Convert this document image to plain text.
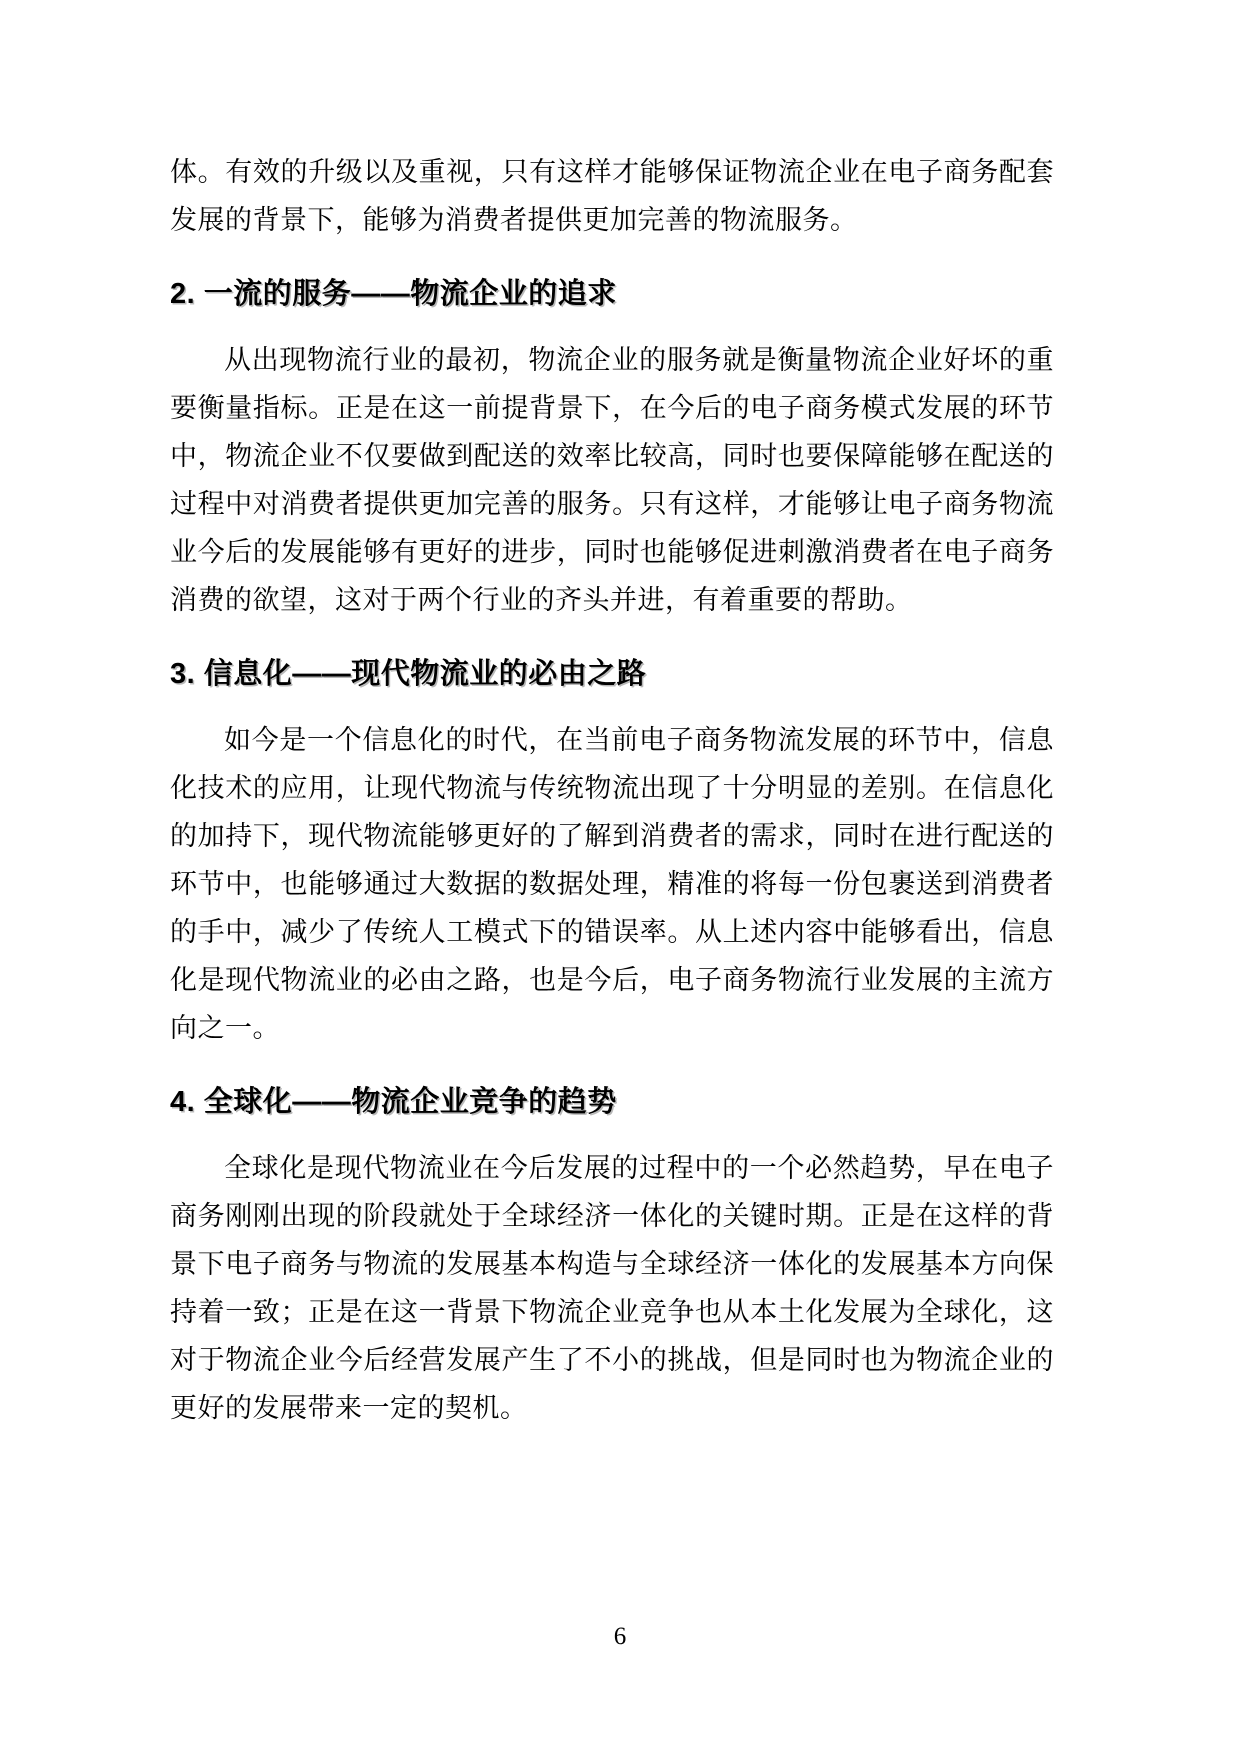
体。有效的升级以及重视，只有这样才能够保证物流企业在电子商务配套发展的背景下，能够为消费者提供更加完善的物流服务。

2. 一流的服务——物流企业的追求

从出现物流行业的最初，物流企业的服务就是衡量物流企业好坏的重要衡量指标。正是在这一前提背景下，在今后的电子商务模式发展的环节中，物流企业不仅要做到配送的效率比较高，同时也要保障能够在配送的过程中对消费者提供更加完善的服务。只有这样，才能够让电子商务物流业今后的发展能够有更好的进步，同时也能够促进刺激消费者在电子商务消费的欲望，这对于两个行业的齐头并进，有着重要的帮助。

3. 信息化——现代物流业的必由之路

如今是一个信息化的时代，在当前电子商务物流发展的环节中，信息化技术的应用，让现代物流与传统物流出现了十分明显的差别。在信息化的加持下，现代物流能够更好的了解到消费者的需求，同时在进行配送的环节中，也能够通过大数据的数据处理，精准的将每一份包裹送到消费者的手中，减少了传统人工模式下的错误率。从上述内容中能够看出，信息化是现代物流业的必由之路，也是今后，电子商务物流行业发展的主流方向之一。

4. 全球化——物流企业竞争的趋势

全球化是现代物流业在今后发展的过程中的一个必然趋势，早在电子商务刚刚出现的阶段就处于全球经济一体化的关键时期。正是在这样的背景下电子商务与物流的发展基本构造与全球经济一体化的发展基本方向保持着一致；正是在这一背景下物流企业竞争也从本土化发展为全球化，这对于物流企业今后经营发展产生了不小的挑战，但是同时也为物流企业的更好的发展带来一定的契机。

6
